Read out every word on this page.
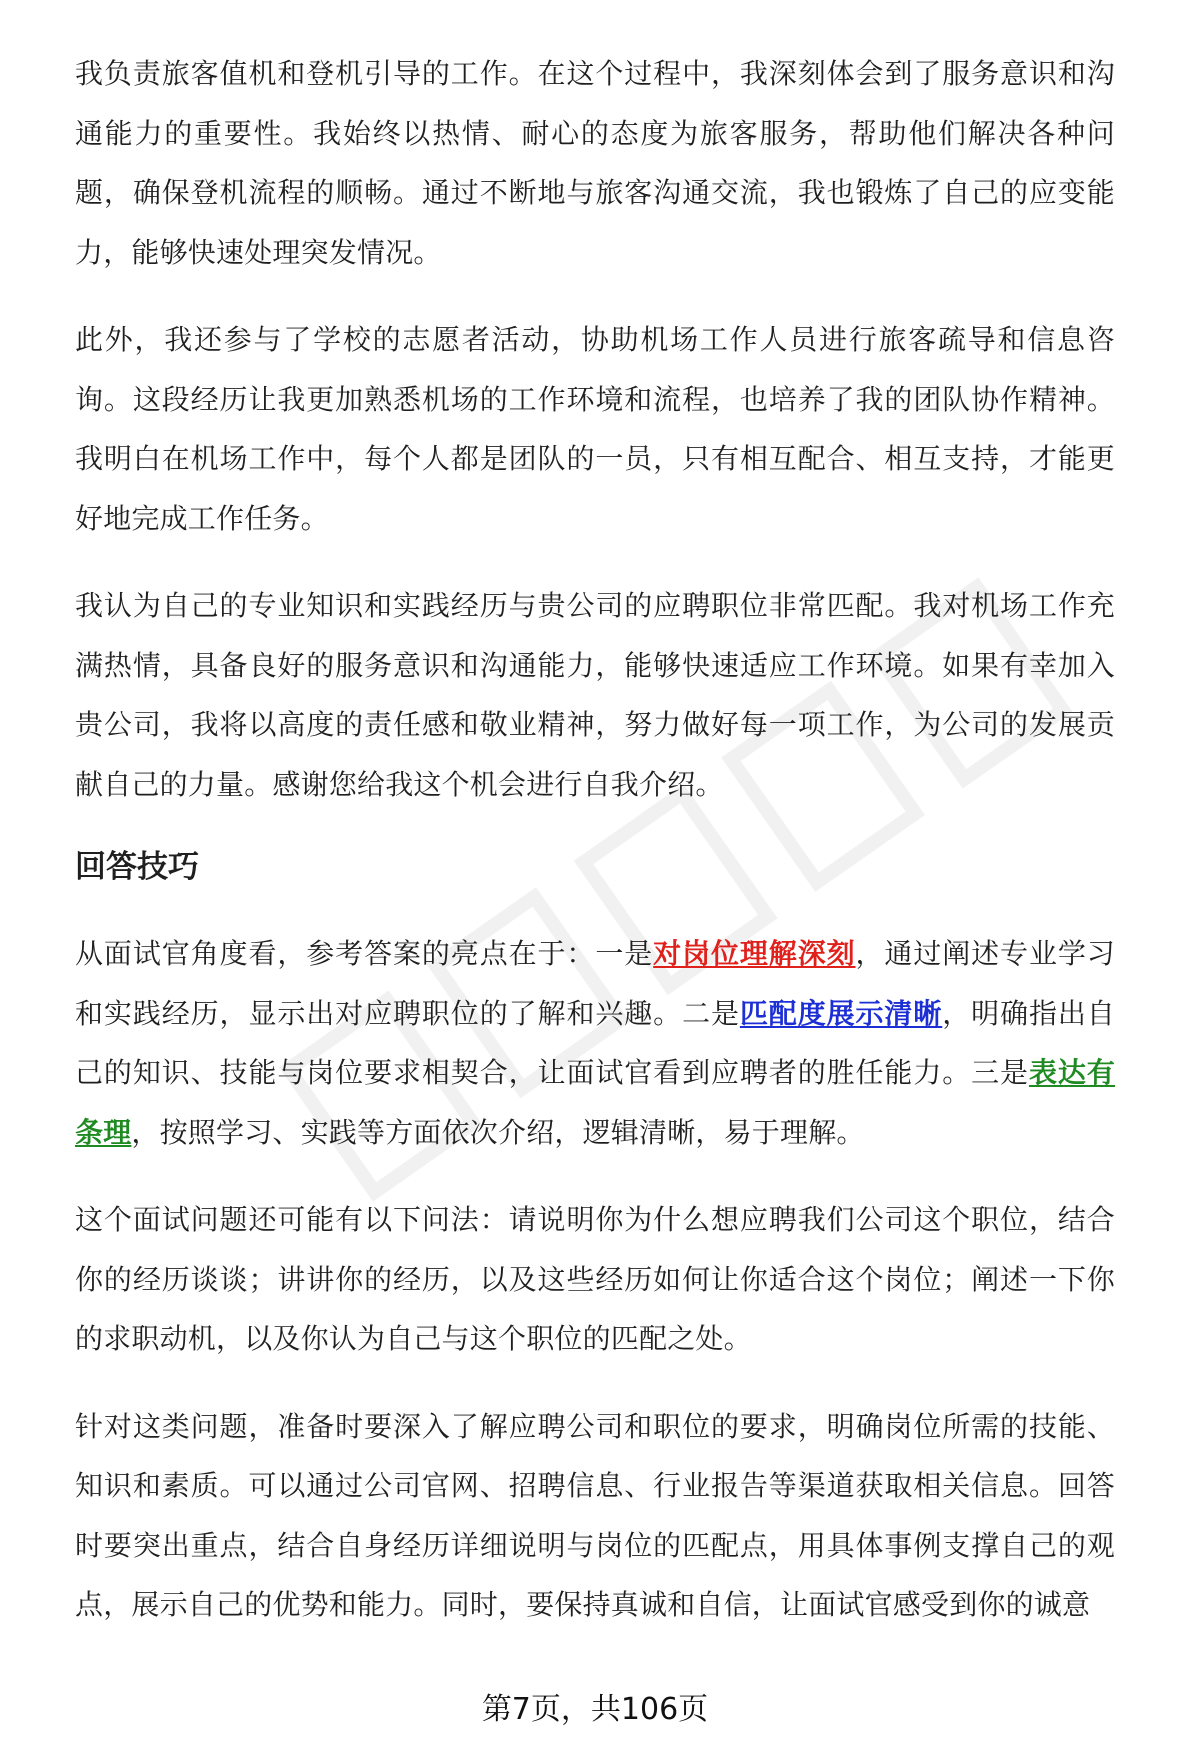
我负责旅客值机和登机引导的工作。在这个过程中，我深刻体会到了服务意识和沟通能力的重要性。我始终以热情、耐心的态度为旅客服务，帮助他们解决各种问题，确保登机流程的顺畅。通过不断地与旅客沟通交流，我也锻炼了自己的应变能力，能够快速处理突发情况。

此外，我还参与了学校的志愿者活动，协助机场工作人员进行旅客疏导和信息咨询。这段经历让我更加熟悉机场的工作环境和流程，也培养了我的团队协作精神。我明白在机场工作中，每个人都是团队的一员，只有相互配合、相互支持，才能更好地完成工作任务。

我认为自己的专业知识和实践经历与贵公司的应聘职位非常匹配。我对机场工作充满热情，具备良好的服务意识和沟通能力，能够快速适应工作环境。如果有幸加入贵公司，我将以高度的责任感和敬业精神，努力做好每一项工作，为公司的发展贡献自己的力量。感谢您给我这个机会进行自我介绍。

回答技巧

从面试官角度看，参考答案的亮点在于：一是对岗位理解深刻，通过阐述专业学习和实践经历，显示出对应聘职位的了解和兴趣。二是匹配度展示清晰，明确指出自己的知识、技能与岗位要求相契合，让面试官看到应聘者的胜任能力。三是表达有条理，按照学习、实践等方面依次介绍，逻辑清晰，易于理解。

这个面试问题还可能有以下问法：请说明你为什么想应聘我们公司这个职位，结合你的经历谈谈；讲讲你的经历，以及这些经历如何让你适合这个岗位；阐述一下你的求职动机，以及你认为自己与这个职位的匹配之处。

针对这类问题，准备时要深入了解应聘公司和职位的要求，明确岗位所需的技能、知识和素质。可以通过公司官网、招聘信息、行业报告等渠道获取相关信息。回答时要突出重点，结合自身经历详细说明与岗位的匹配点，用具体事例支撑自己的观点，展示自己的优势和能力。同时，要保持真诚和自信，让面试官感受到你的诚意

第7页，共106页
